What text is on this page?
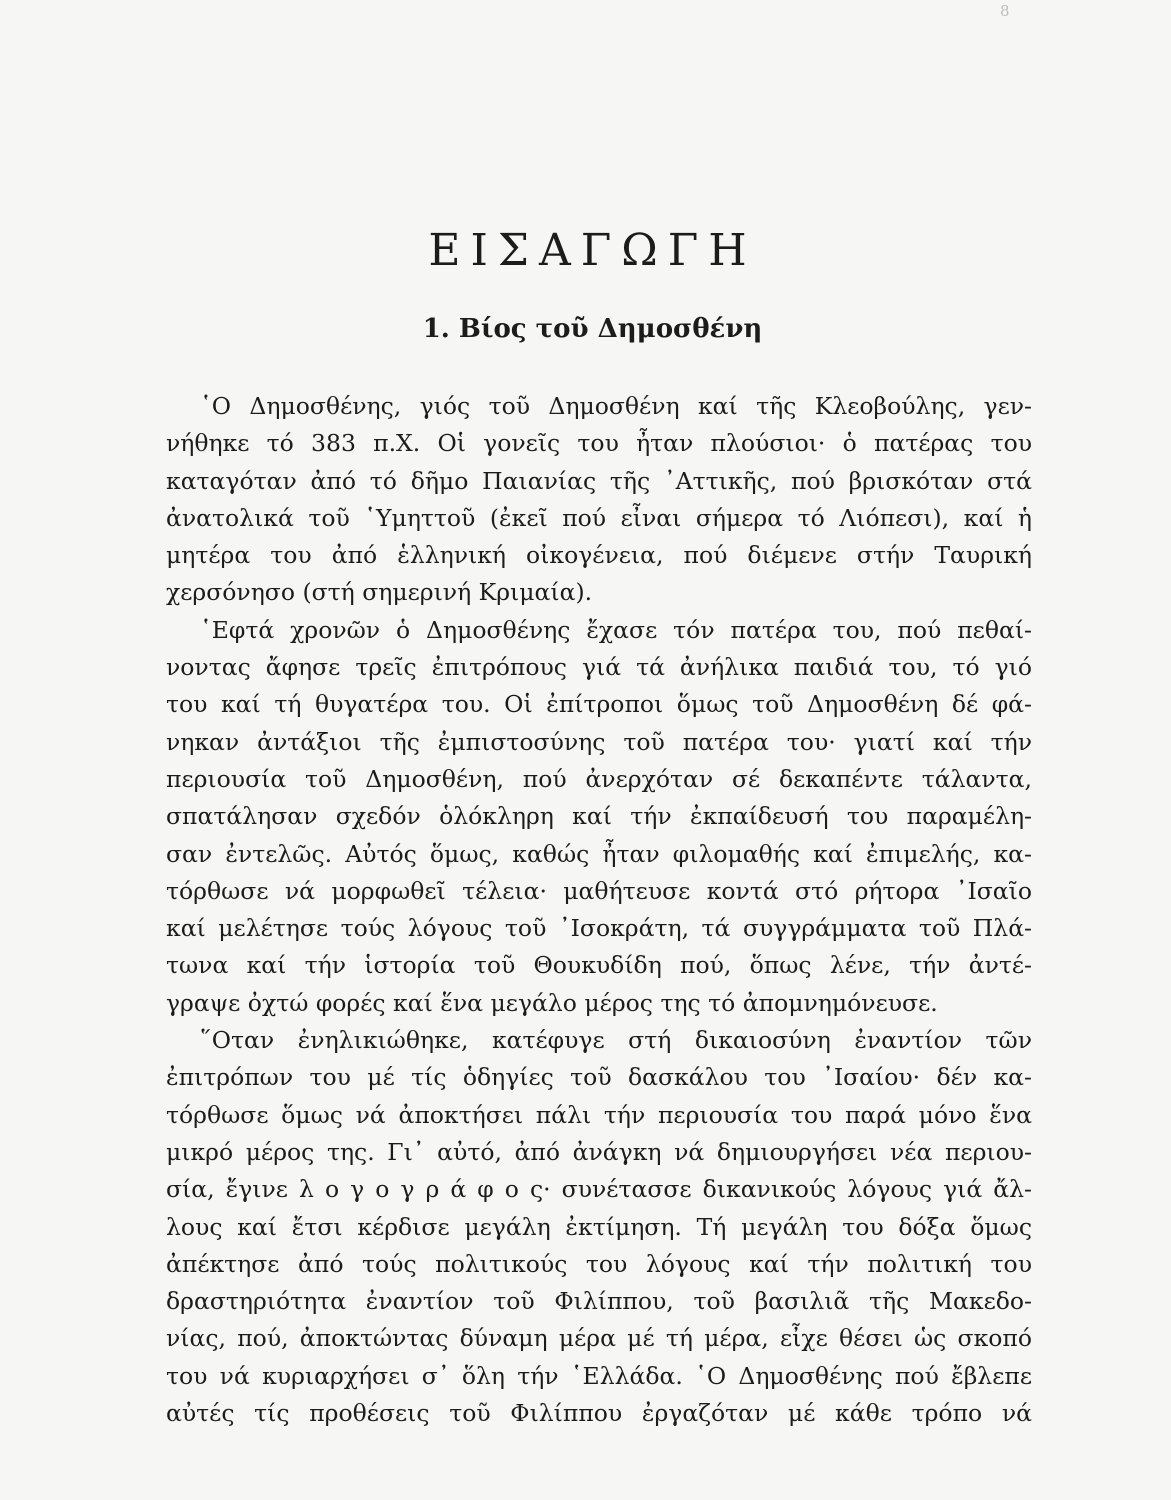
8
ΕΙΣΑΓΩΓΗ
1. Βίος τοῦ Δημοσθένη
῾Ο Δημοσθένης, γιός τοῦ Δημοσθένη καί τῆς Κλεοβούλης, γεν-
νήθηκε τό 383 π.Χ. Οἱ γονεῖς του ἦταν πλούσιοι· ὁ πατέρας του
καταγόταν ἀπό τό δῆμο Παιανίας τῆς ᾿Αττικῆς, πού βρισκόταν στά
ἀνατολικά τοῦ ῾Υμηττοῦ (ἐκεῖ πού εἶναι σήμερα τό Λιόπεσι), καί ἡ
μητέρα του ἀπό ἑλληνική οἰκογένεια, πού διέμενε στήν Ταυρική
χερσόνησο (στή σημερινή Κριμαία).
῾Εφτά χρονῶν ὁ Δημοσθένης ἔχασε τόν πατέρα του, πού πεθαί-
νοντας ἄφησε τρεῖς ἐπιτρόπους γιά τά ἀνήλικα παιδιά του, τό γιό
του καί τή θυγατέρα του. Οἱ ἐπίτροποι ὅμως τοῦ Δημοσθένη δέ φά-
νηκαν ἀντάξιοι τῆς ἐμπιστοσύνης τοῦ πατέρα του· γιατί καί τήν
περιουσία τοῦ Δημοσθένη, πού ἀνερχόταν σέ δεκαπέντε τάλαντα,
σπατάλησαν σχεδόν ὁλόκληρη καί τήν ἐκπαίδευσή του παραμέλη-
σαν ἐντελῶς. Αὐτός ὅμως, καθώς ἦταν φιλομαθής καί ἐπιμελής, κα-
τόρθωσε νά μορφωθεῖ τέλεια· μαθήτευσε κοντά στό ρήτορα ᾿Ισαῖο
καί μελέτησε τούς λόγους τοῦ ᾿Ισοκράτη, τά συγγράμματα τοῦ Πλά-
τωνα καί τήν ἱστορία τοῦ Θουκυδίδη πού, ὅπως λένε, τήν ἀντέ-
γραψε ὀχτώ φορές καί ἕνα μεγάλο μέρος της τό ἀπομνημόνευσε.
῞Οταν ἐνηλικιώθηκε, κατέφυγε στή δικαιοσύνη ἐναντίον τῶν
ἐπιτρόπων του μέ τίς ὁδηγίες τοῦ δασκάλου του ᾿Ισαίου· δέν κα-
τόρθωσε ὅμως νά ἀποκτήσει πάλι τήν περιουσία του παρά μόνο ἕνα
μικρό μέρος της. Γι᾿ αὐτό, ἀπό ἀνάγκη νά δημιουργήσει νέα περιου-
σία, ἔγινε λ ο γ ο γ ρ ά φ ο ς· συνέτασσε δικανικούς λόγους γιά ἄλ-
λους καί ἔτσι κέρδισε μεγάλη ἐκτίμηση. Τή μεγάλη του δόξα ὅμως
ἀπέκτησε ἀπό τούς πολιτικούς του λόγους καί τήν πολιτική του
δραστηριότητα ἐναντίον τοῦ Φιλίππου, τοῦ βασιλιᾶ τῆς Μακεδο-
νίας, πού, ἀποκτώντας δύναμη μέρα μέ τή μέρα, εἶχε θέσει ὡς σκοπό
του νά κυριαρχήσει σ᾿ ὅλη τήν ῾Ελλάδα. ῾Ο Δημοσθένης πού ἔβλεπε
αὐτές τίς προθέσεις τοῦ Φιλίππου ἐργαζόταν μέ κάθε τρόπο νά
